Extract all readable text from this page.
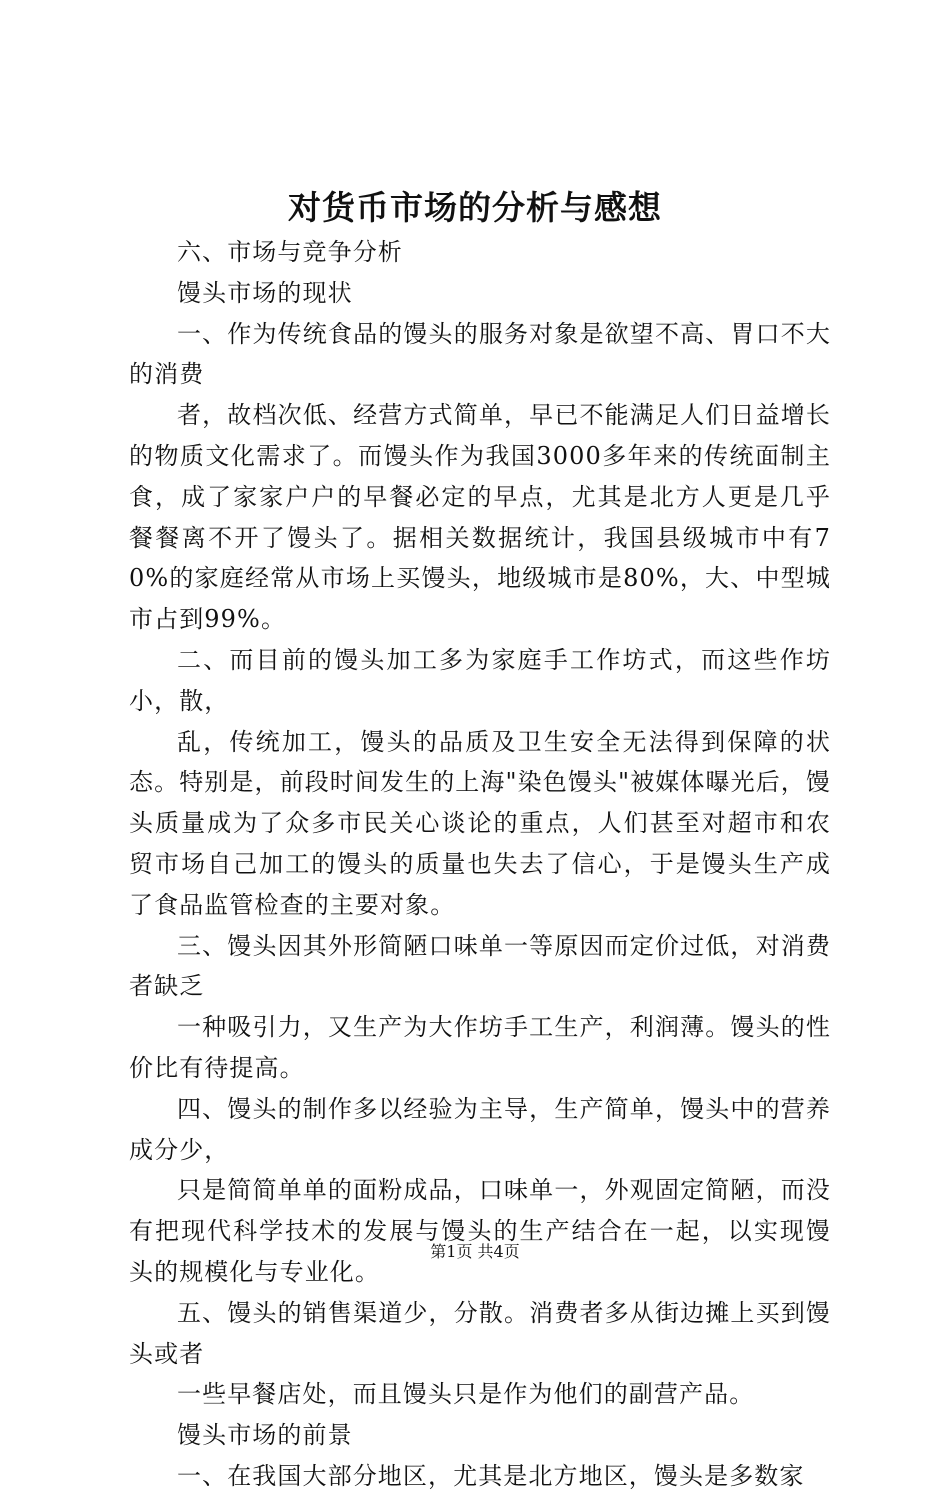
对货币市场的分析与感想

六、市场与竞争分析

馒头市场的现状

一、作为传统食品的馒头的服务对象是欲望不高、胃口不大的消费

者，故档次低、经营方式简单，早已不能满足人们日益增长的物质文化需求了。而馒头作为我国3000多年来的传统面制主食，成了家家户户的早餐必定的早点，尤其是北方人更是几乎餐餐离不开了馒头了。据相关数据统计，我国县级城市中有70%的家庭经常从市场上买馒头，地级城市是80%，大、中型城市占到99%。

二、而目前的馒头加工多为家庭手工作坊式，而这些作坊小，散，

乱，传统加工，馒头的品质及卫生安全无法得到保障的状态。特别是，前段时间发生的上海"染色馒头"被媒体曝光后，馒头质量成为了众多市民关心谈论的重点，人们甚至对超市和农贸市场自己加工的馒头的质量也失去了信心，于是馒头生产成了食品监管检查的主要对象。

三、馒头因其外形简陋口味单一等原因而定价过低，对消费者缺乏

一种吸引力，又生产为大作坊手工生产，利润薄。馒头的性价比有待提高。

四、馒头的制作多以经验为主导，生产简单，馒头中的营养成分少，

只是简简单单的面粉成品，口味单一，外观固定简陋，而没有把现代科学技术的发展与馒头的生产结合在一起，以实现馒头的规模化与专业化。

五、馒头的销售渠道少，分散。消费者多从街边摊上买到馒头或者

一些早餐店处，而且馒头只是作为他们的副营产品。

馒头市场的前景

一、在我国大部分地区，尤其是北方地区，馒头是多数家

第1页 共4页
